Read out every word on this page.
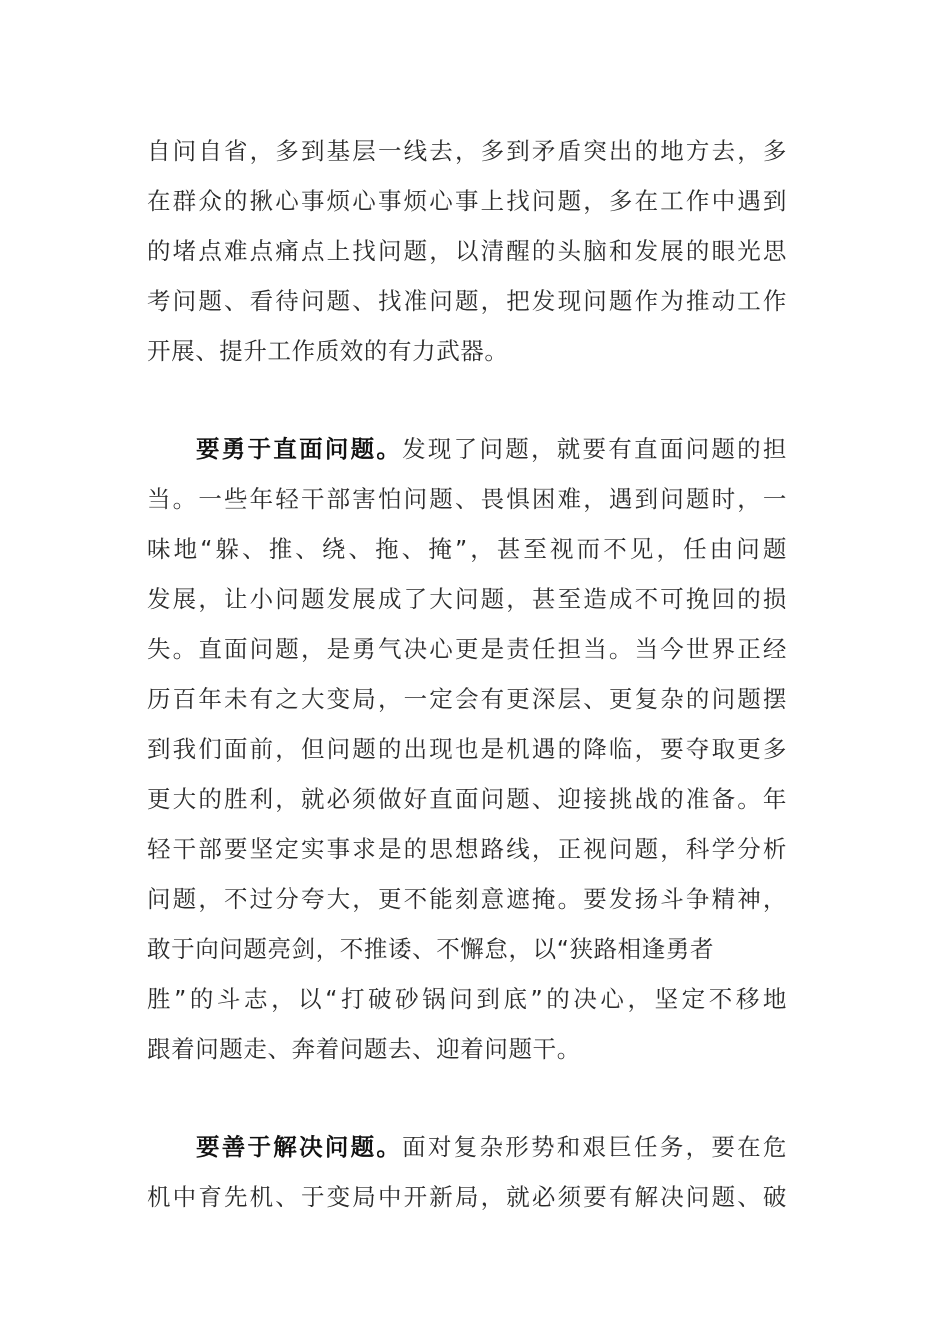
自问自省，多到基层一线去，多到矛盾突出的地方去，多
在群众的揪心事烦心事烦心事上找问题，多在工作中遇到
的堵点难点痛点上找问题，以清醒的头脑和发展的眼光思
考问题、看待问题、找准问题，把发现问题作为推动工作
开展、提升工作质效的有力武器。
要勇于直面问题。发现了问题，就要有直面问题的担
当。一些年轻干部害怕问题、畏惧困难，遇到问题时，一
味地“躲、推、绕、拖、掩”，甚至视而不见，任由问题
发展，让小问题发展成了大问题，甚至造成不可挽回的损
失。直面问题，是勇气决心更是责任担当。当今世界正经
历百年未有之大变局，一定会有更深层、更复杂的问题摆
到我们面前，但问题的出现也是机遇的降临，要夺取更多
更大的胜利，就必须做好直面问题、迎接挑战的准备。年
轻干部要坚定实事求是的思想路线，正视问题，科学分析
问题，不过分夸大，更不能刻意遮掩。要发扬斗争精神，
敢于向问题亮剑，不推诿、不懈怠，以“狭路相逢勇者
胜”的斗志，以“打破砂锅问到底”的决心，坚定不移地
跟着问题走、奔着问题去、迎着问题干。
要善于解决问题。面对复杂形势和艰巨任务，要在危
机中育先机、于变局中开新局，就必须要有解决问题、破
